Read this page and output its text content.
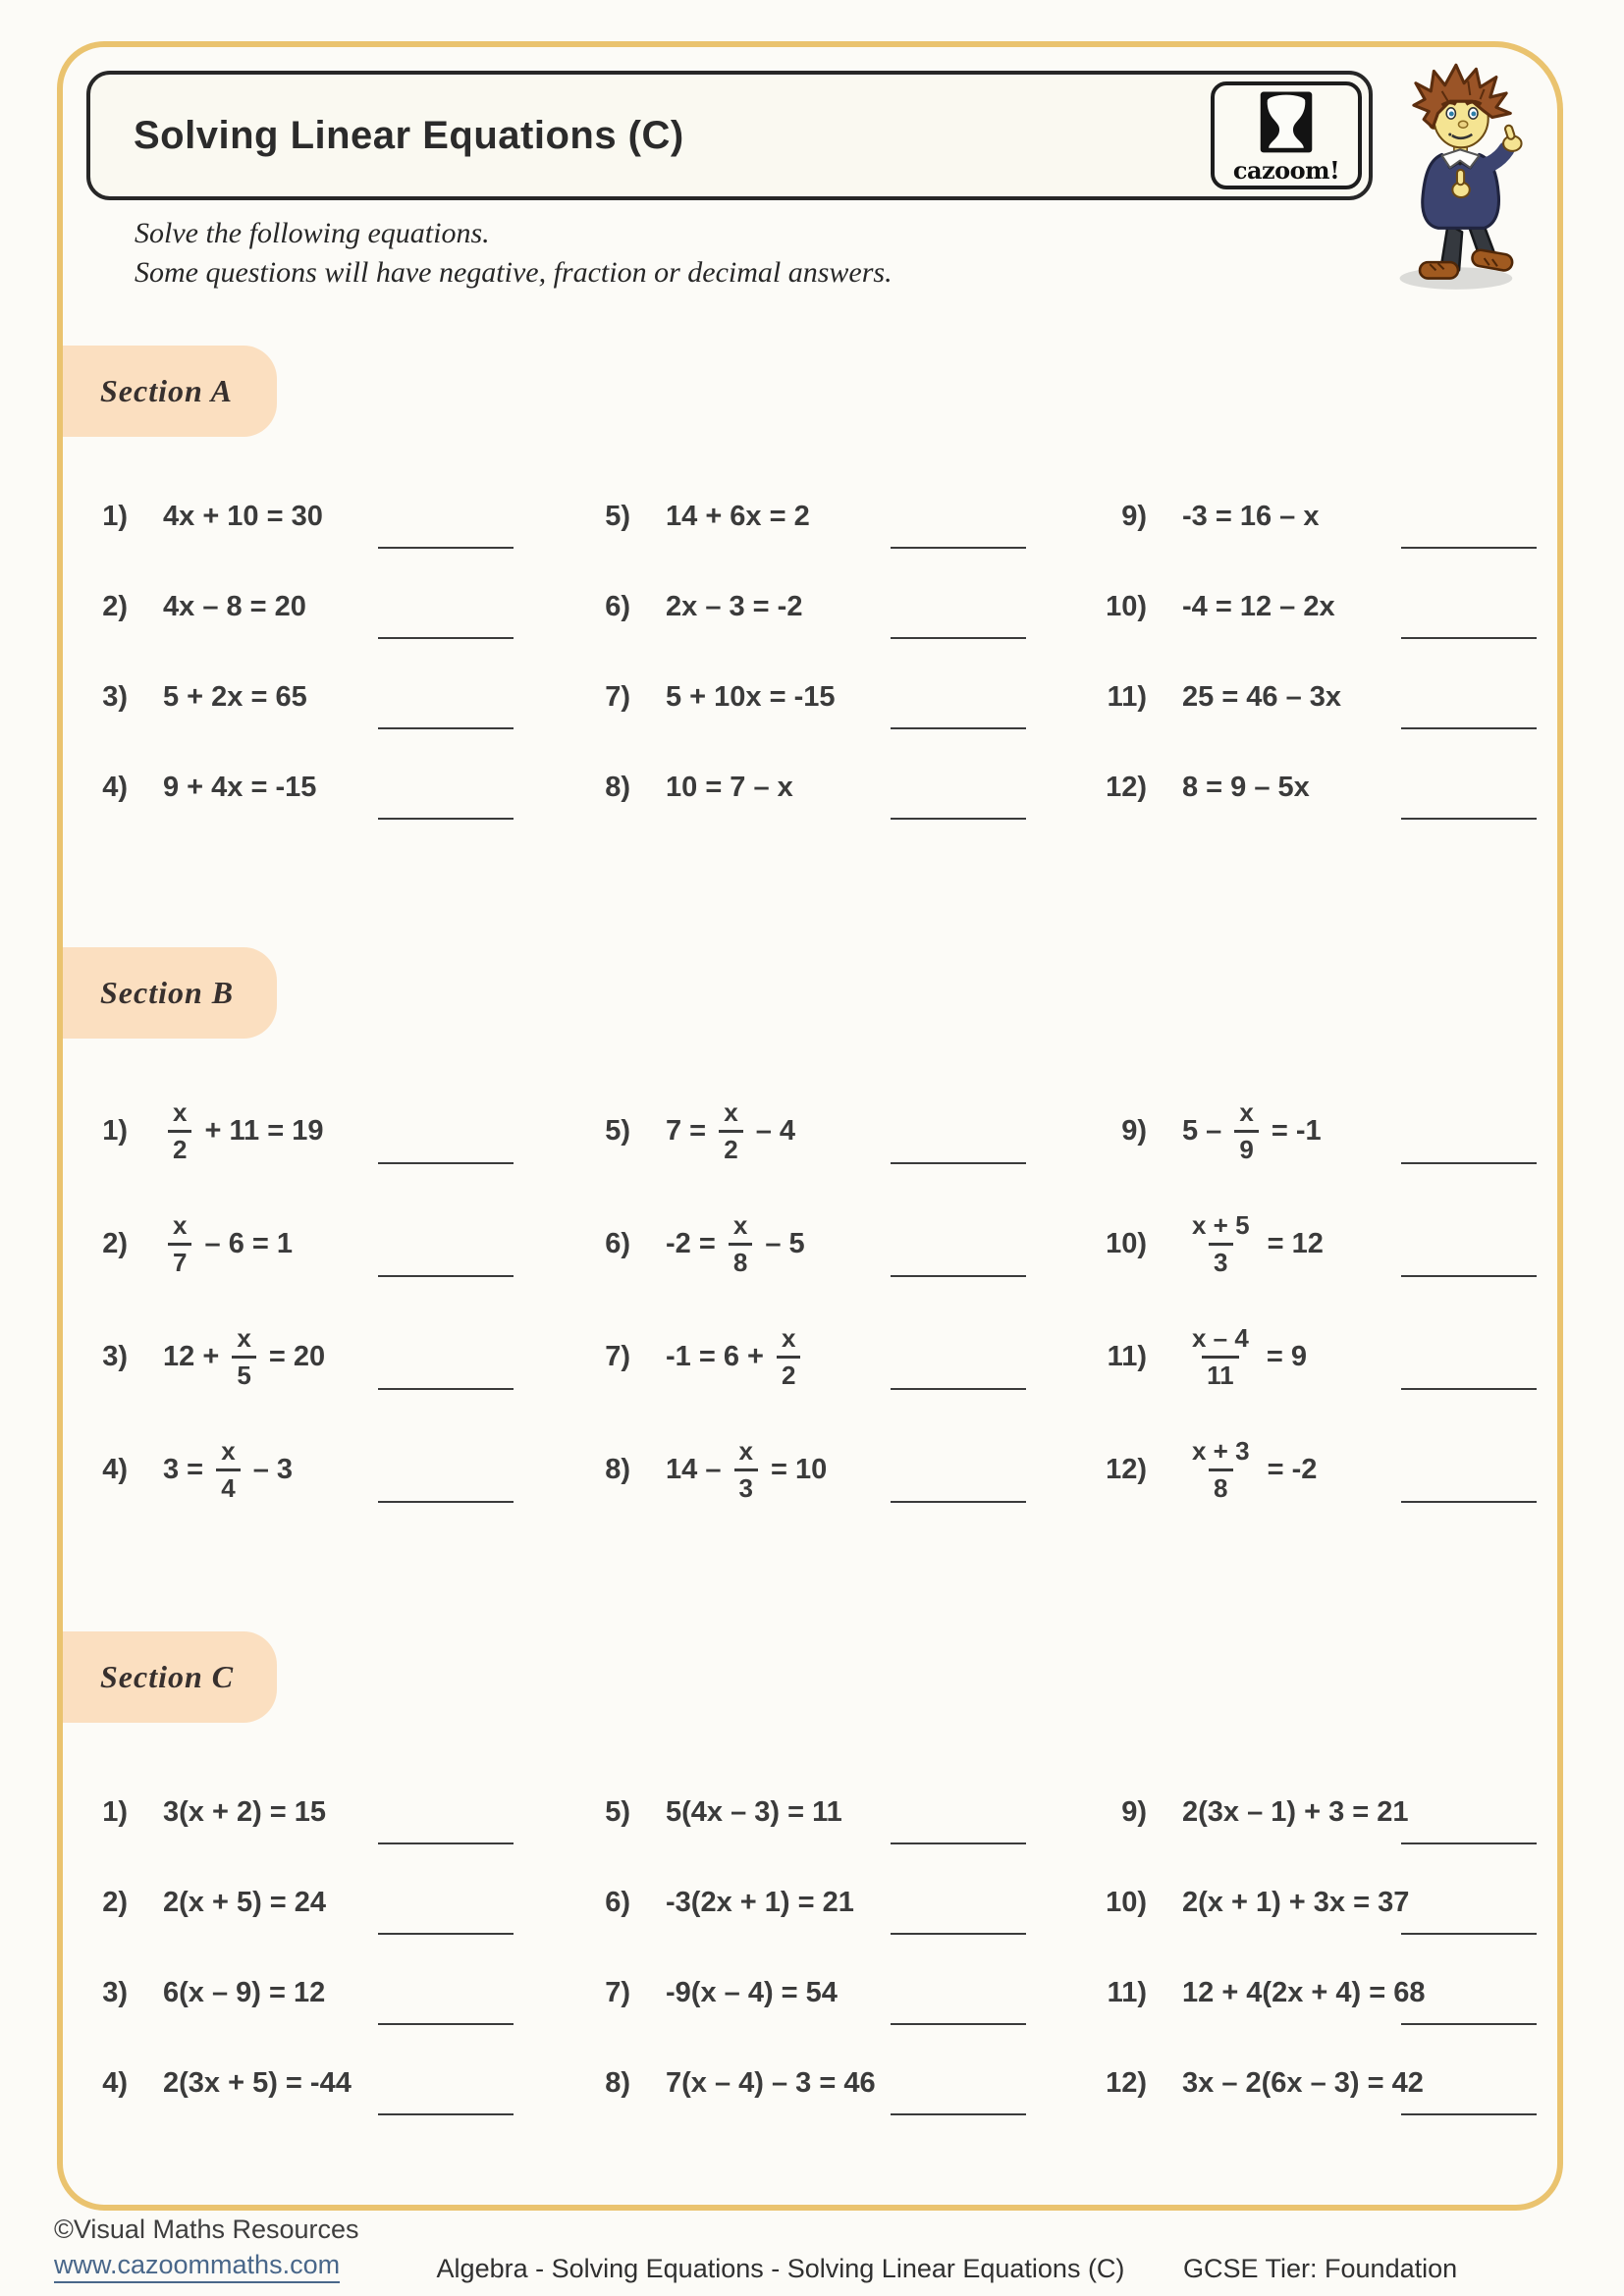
Solving Linear Equations (C)
cazoom!

Solve the following equations.

Some questions will have negative, fraction or decimal answers.

Section A
1) 4x + 10 = 30
2) 4x – 8 = 20
3) 5 + 2x = 65
4) 9 + 4x = -15
5) 14 + 6x = 2
6) 2x – 3 = -2
7) 5 + 10x = -15
8) 10 = 7 – x
9) -3 = 16 – x
10) -4 = 12 – 2x
11) 25 = 46 – 3x
12) 8 = 9 – 5x
Section B
$1) \frac{x}{2} + 11 = 19$
$2) \frac{x}{7} - 6 = 1$
3) $12 + \frac{x}{5} = 20$
4) $3 = \frac{x}{4} - 3$
5) $7 = \frac{x}{2} - 4$
6) $-2 = \frac{x}{8} - 5$
7) $-1 = 6 + \frac{x}{2}$
8) $14 - \frac{x}{3} = 10$
9) $5 - \frac{x}{9} = -1$
$10) \frac{x + 5}{3} = 12$
$11) \frac{x - 4}{11} = 9$
$12) \frac{x + 3}{8} = -2$
Section C
1) 3(x + 2) = 15
2) 2(x + 5) = 24
3) 6(x – 9) = 12
4) 2(3x + 5) = -44
5) 5(4x – 3) = 11
6) -3(2x + 1) = 21
7) -9(x – 4) = 54
8) 7(x – 4) – 3 = 46
9) 2(3x – 1) + 3 = 21
10) 2(x + 1) + 3x = 37
11) 12 + 4(2x + 4) = 68
12) 3x – 2(6x – 3) = 42
©Visual Maths Resources
www.cazoommaths.com	Algebra - Solving Equations - Solving Linear Equations (C)	GCSE Tier: Foundation
